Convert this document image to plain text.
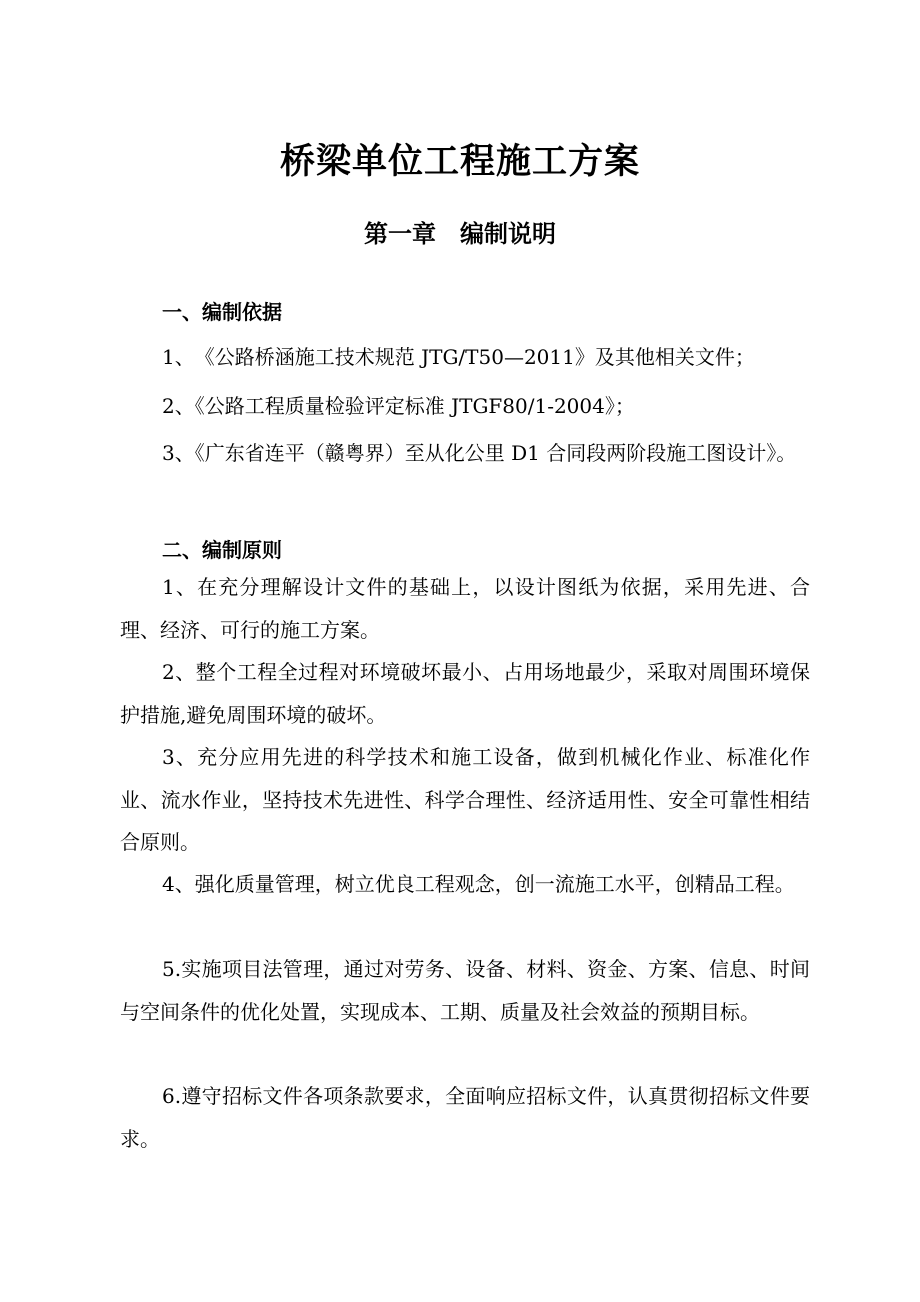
桥梁单位工程施工方案
第一章　编制说明
一、编制依据
1、　《公路桥涵施工技术规范 JTG/T50—2011》及其他相关文件；
2、《公路工程质量检验评定标准 JTGF80/1-2004》；
3、《广东省连平（赣粤界）至从化公里 D1 合同段两阶段施工图设计》。
二、编制原则
1、在充分理解设计文件的基础上，以设计图纸为依据，采用先进、合理、经济、可行的施工方案。
2、整个工程全过程对环境破坏最小、占用场地最少，采取对周围环境保护措施,避免周围环境的破坏。
3、充分应用先进的科学技术和施工设备，做到机械化作业、标准化作业、流水作业，坚持技术先进性、科学合理性、经济适用性、安全可靠性相结合原则。
4、强化质量管理，树立优良工程观念，创一流施工水平，创精品工程。
5.实施项目法管理，通过对劳务、设备、材料、资金、方案、信息、时间与空间条件的优化处置，实现成本、工期、质量及社会效益的预期目标。
6.遵守招标文件各项条款要求，全面响应招标文件，认真贯彻招标文件要求。
